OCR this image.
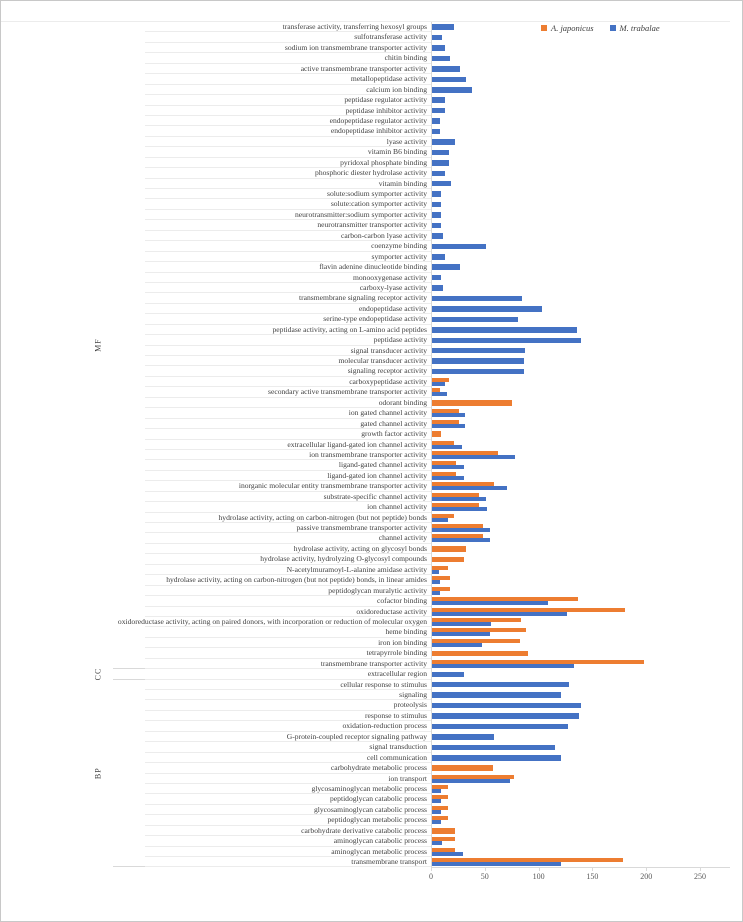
A. japonicus	M. trabalae
MF
CC
BP
transferase activity, transferring hexosyl groups
sulfotransferase activity
sodium ion transmembrane transporter activity
chitin binding
active transmembrane transporter activity
metallopeptidase activity
calcium ion binding
peptidase regulator activity
peptidase inhibitor activity
endopeptidase regulator activity
endopeptidase inhibitor activity
lyase activity
vitamin B6 binding
pyridoxal phosphate binding
phosphoric diester hydrolase activity
vitamin binding
solute:sodium symporter activity
solute:cation symporter activity
neurotransmitter:sodium symporter activity
neurotransmitter transporter activity
carbon-carbon lyase activity
coenzyme binding
symporter activity
flavin adenine dinucleotide binding
monooxygenase activity
carboxy-lyase activity
transmembrane signaling receptor activity
endopeptidase activity
serine-type endopeptidase activity
peptidase activity, acting on L-amino acid peptides
peptidase activity
signal transducer activity
molecular transducer activity
signaling receptor activity
carboxypeptidase activity
secondary active transmembrane transporter activity
odorant binding
ion gated channel activity
gated channel activity
growth factor activity
extracellular ligand-gated ion channel activity
ion transmembrane transporter activity
ligand-gated channel activity
ligand-gated ion channel activity
inorganic molecular entity transmembrane transporter activity
substrate-specific channel activity
ion channel activity
hydrolase activity, acting on carbon-nitrogen (but not peptide) bonds
passive transmembrane transporter activity
channel activity
hydrolase activity, acting on glycosyl bonds
hydrolase activity, hydrolyzing O-glycosyl compounds
N-acetylmuramoyl-L-alanine amidase activity
hydrolase activity, acting on carbon-nitrogen (but not peptide) bonds, in linear amides
peptidoglycan muralytic activity
cofactor binding
oxidoreductase activity
oxidoreductase activity, acting on paired donors, with incorporation or reduction of molecular oxygen
heme binding
iron ion binding
tetrapyrrole binding
transmembrane transporter activity
extracellular region
cellular response to stimulus
signaling
proteolysis
response to stimulus
oxidation-reduction process
G-protein-coupled receptor signaling pathway
signal transduction
cell communication
carbohydrate metabolic process
ion transport
glycosaminoglycan metabolic process
peptidoglycan catabolic process
glycosaminoglycan catabolic process
peptidoglycan metabolic process
carbohydrate derivative catabolic process
aminoglycan catabolic process
aminoglycan metabolic process
transmembrane transport
0	50	100	150	200	250
